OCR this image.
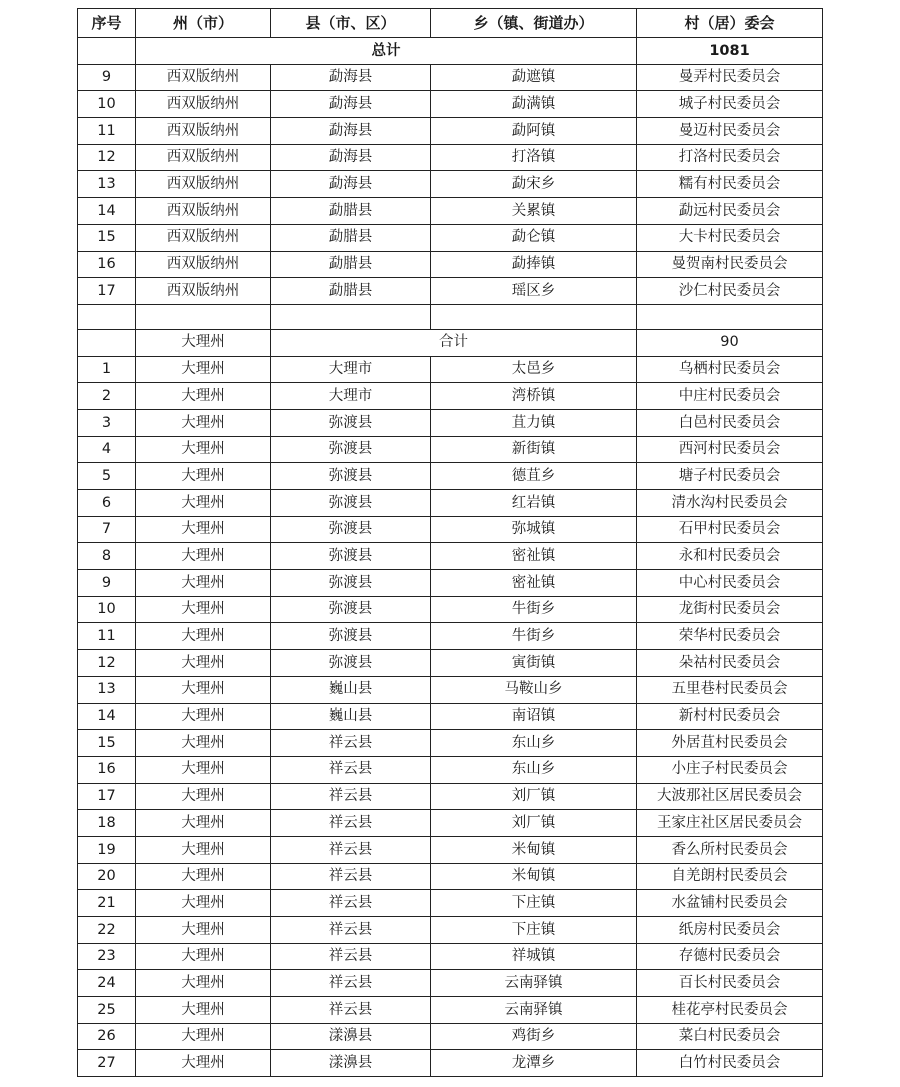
序号	州（市）	县（市、区）	乡（镇、街道办）	村（居）委会
	总计			1081
9	西双版纳州	勐海县	勐遮镇	曼弄村民委员会
10	西双版纳州	勐海县	勐满镇	城子村民委员会
11	西双版纳州	勐海县	勐阿镇	曼迈村民委员会
12	西双版纳州	勐海县	打洛镇	打洛村民委员会
13	西双版纳州	勐海县	勐宋乡	糯有村民委员会
14	西双版纳州	勐腊县	关累镇	勐远村民委员会
15	西双版纳州	勐腊县	勐仑镇	大卡村民委员会
16	西双版纳州	勐腊县	勐捧镇	曼贺南村民委员会
17	西双版纳州	勐腊县	瑶区乡	沙仁村民委员会

	大理州	合计		90
1	大理州	大理市	太邑乡	乌栖村民委员会
2	大理州	大理市	湾桥镇	中庄村民委员会
3	大理州	弥渡县	苴力镇	白邑村民委员会
4	大理州	弥渡县	新街镇	西河村民委员会
5	大理州	弥渡县	德苴乡	塘子村民委员会
6	大理州	弥渡县	红岩镇	清水沟村民委员会
7	大理州	弥渡县	弥城镇	石甲村民委员会
8	大理州	弥渡县	密祉镇	永和村民委员会
9	大理州	弥渡县	密祉镇	中心村民委员会
10	大理州	弥渡县	牛街乡	龙街村民委员会
11	大理州	弥渡县	牛街乡	荣华村民委员会
12	大理州	弥渡县	寅街镇	朵祜村民委员会
13	大理州	巍山县	马鞍山乡	五里巷村民委员会
14	大理州	巍山县	南诏镇	新村村民委员会
15	大理州	祥云县	东山乡	外居苴村民委员会
16	大理州	祥云县	东山乡	小庄子村民委员会
17	大理州	祥云县	刘厂镇	大波那社区居民委员会
18	大理州	祥云县	刘厂镇	王家庄社区居民委员会
19	大理州	祥云县	米甸镇	香么所村民委员会
20	大理州	祥云县	米甸镇	自羌朗村民委员会
21	大理州	祥云县	下庄镇	水盆铺村民委员会
22	大理州	祥云县	下庄镇	纸房村民委员会
23	大理州	祥云县	祥城镇	存德村民委员会
24	大理州	祥云县	云南驿镇	百长村民委员会
25	大理州	祥云县	云南驿镇	桂花亭村民委员会
26	大理州	漾濞县	鸡街乡	菜白村民委员会
27	大理州	漾濞县	龙潭乡	白竹村民委员会
